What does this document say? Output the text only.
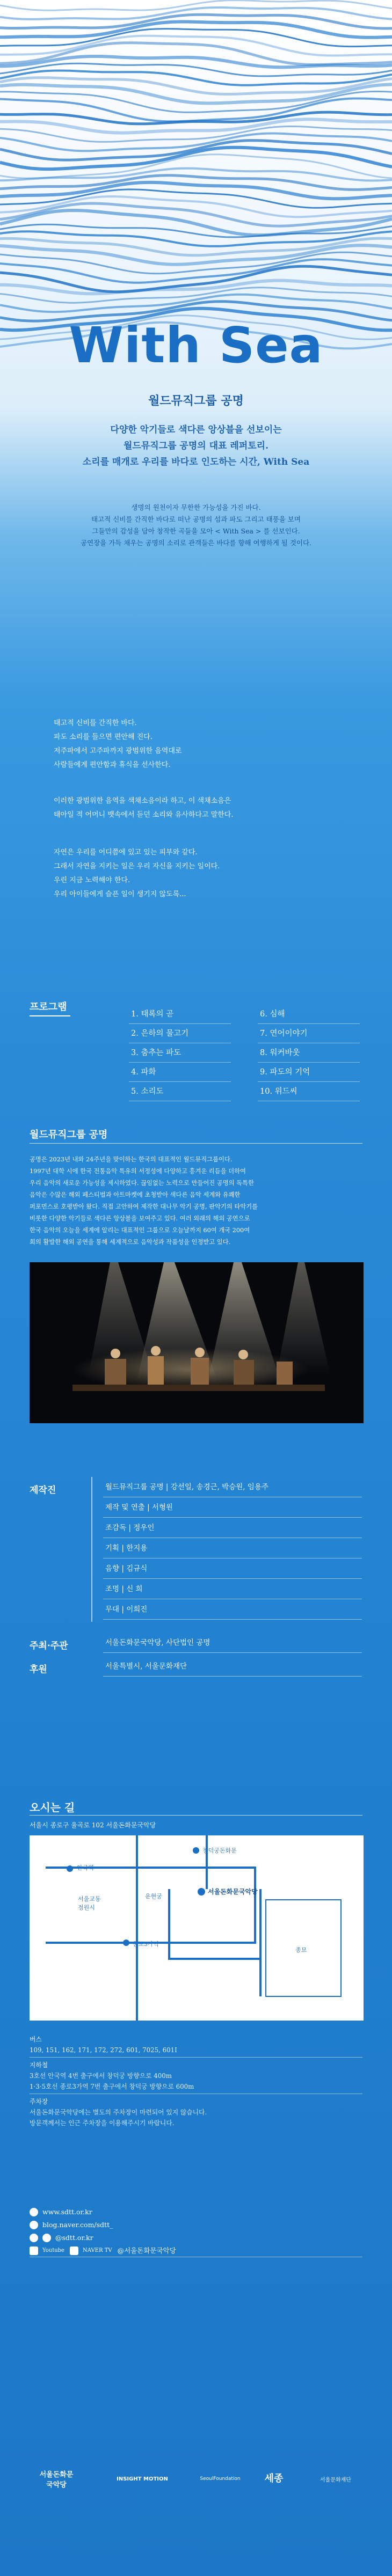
With Sea
월드뮤직그룹 공명
다양한 악기들로 색다른 앙상블을 선보이는
월드뮤직그룹 공명의 대표 레퍼토리.
소리를 매개로 우리를 바다로 인도하는 시간, With Sea
생명의 원천이자 무한한 가능성을 가진 바다.
태고적 신비를 간직한 바다로 떠난 공명의 섬과 파도 그리고 태풍을 보며
그들만의 감성을 담아 창작한 곡들을 모아 < With Sea > 를 선보인다.
공연장을 가득 채우는 공명의 소리로 관객들은 바다를 향해 여행하게 될 것이다.
태고적 신비를 간직한 바다.
파도 소리를 들으면 편안해 진다.
저주파에서 고주파까지 광범위한 음역대로
사람들에게 편안함과 휴식을 선사한다.
이러한 광범위한 음역을 색채소음이라 하고, 이 색채소음은
태아일 적 어머니 뱃속에서 듣던 소리와 유사하다고 말한다.
자연은 우리를 어디쯤에 있고 있는 피부와 같다.
그래서 자연을 지키는 일은 우리 자신을 지키는 일이다.
우린 지금 노력해야 한다.
우리 아이들에게 슬픈 일이 생기지 않도록...
프로그램
1. 태록의 곧
2. 은하의 물고기
3. 춤추는 파도
4. 파화
5. 소리도
6. 심해
7. 연어이야기
8. 워커바웃
9. 파도의 기억
10. 위드씨
월드뮤직그룹 공명
공명은 2023년 내와 24주년을 맞이하는 한국의 대표적인 월드뮤직그룹이다.
1997년 대학 시에 한국 전통음악 특유의 서정성에 다양하고 흥겨운 리듬을 더하여
우리 음악의 새로운 가능성을 제시하였다. 끊임없는 노력으로 만들어진 공명의 독특한
음악은 수많은 해외 페스티벌과 아트마켓에 초청받아 색다른 음악 세계와 유쾌한
퍼포먼스로 호평받아 왔다. 직접 고안하여 제작한 대나무 악기 공명, 판악기의 타악기를
비롯한 다양한 악기들로 색다른 앙상블을 보여주고 있다. 여러 외래의 해외 공연으로
한국 음악의 오늘을 세계에 알리는 대표적인 그룹으로 오늘날까지 60여 개국 200여
회의 활발한 해외 공연을 통해 세계적으로 음악성과 작품성을 인정받고 있다.
제작진	월드뮤직그룹 공명 | 강선일, 송경근, 박승원, 임용주
제작 및 연출 | 서형원
조감독 | 정우인
기획 | 한지용
음향 | 김규식
조명 | 신 희
무대 | 이희진
주최·주관	서울돈화문국악당, 사단법인 공명
후원	서울특별시, 서울문화재단
오시는 길
서울시 종로구 율곡로 102 서울돈화문국악당
안국역
서울교동
정원시
운현궁
창덕궁돈화문
서울돈화문국악당
종로3가역
종묘
버스
109, 151, 162, 171, 172, 272, 601, 7025, 601I
지하철
3호선 안국역 4번 출구에서 창덕궁 방향으로 400m
1·3·5호선 종로3가역 7번 출구에서 창덕궁 방향으로 600m
주차장
서울돈화문국악당에는 별도의 주차장이 마련되어 있지 않습니다.
방문객께서는 인근 주차장을 이용해주시기 바랍니다.
www.sdtt.or.kr
blog.naver.com/sdtt_
@sdtt.or.kr
Youtube	NAVER TV @서울돈화문국악당
서울돈화문
국악당
INSIGHT MOTION	SeoulFoundation	세종	서울문화재단
